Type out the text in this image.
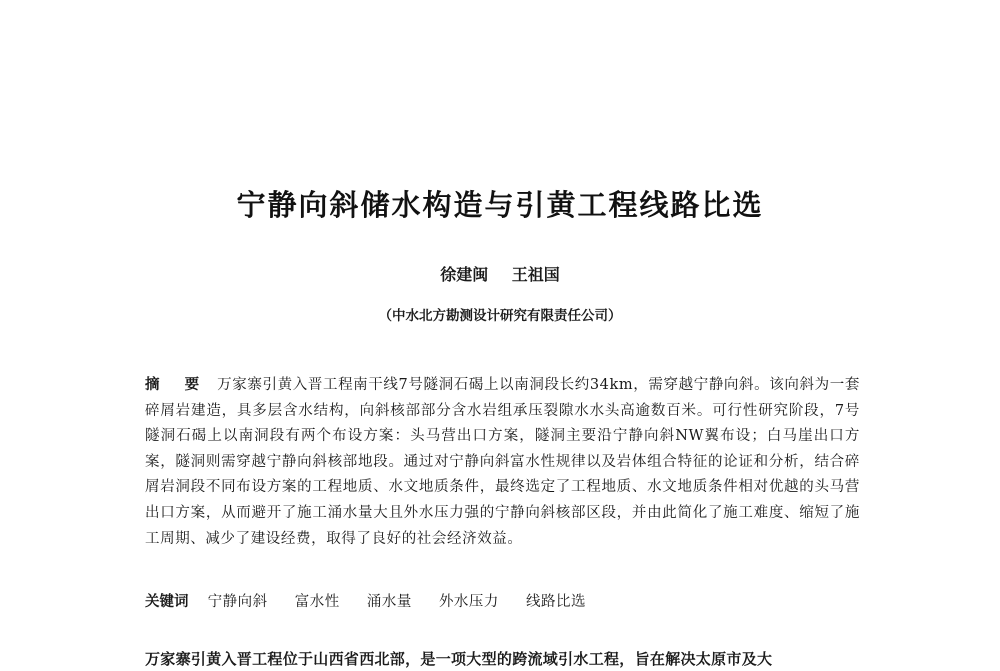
宁静向斜储水构造与引黄工程线路比选
徐建闽 王祖国
（中水北方勘测设计研究有限责任公司）
摘 要 万家寨引黄入晋工程南干线7号隧洞石碣上以南洞段长约34km，需穿越宁静向斜。该向斜为一套碎屑岩建造，具多层含水结构，向斜核部部分含水岩组承压裂隙水水头高逾数百米。可行性研究阶段，7号隧洞石碣上以南洞段有两个布设方案：头马营出口方案，隧洞主要沿宁静向斜NW翼布设；白马崖出口方案，隧洞则需穿越宁静向斜核部地段。通过对宁静向斜富水性规律以及岩体组合特征的论证和分析，结合碎屑岩洞段不同布设方案的工程地质、水文地质条件，最终选定了工程地质、水文地质条件相对优越的头马营出口方案，从而避开了施工涌水量大且外水压力强的宁静向斜核部区段，并由此简化了施工难度、缩短了施工周期、减少了建设经费，取得了良好的社会经济效益。
关键词 宁静向斜 富水性 涌水量 外水压力 线路比选
万家寨引黄入晋工程位于山西省西北部，是一项大型的跨流域引水工程，旨在解决太原市及大
